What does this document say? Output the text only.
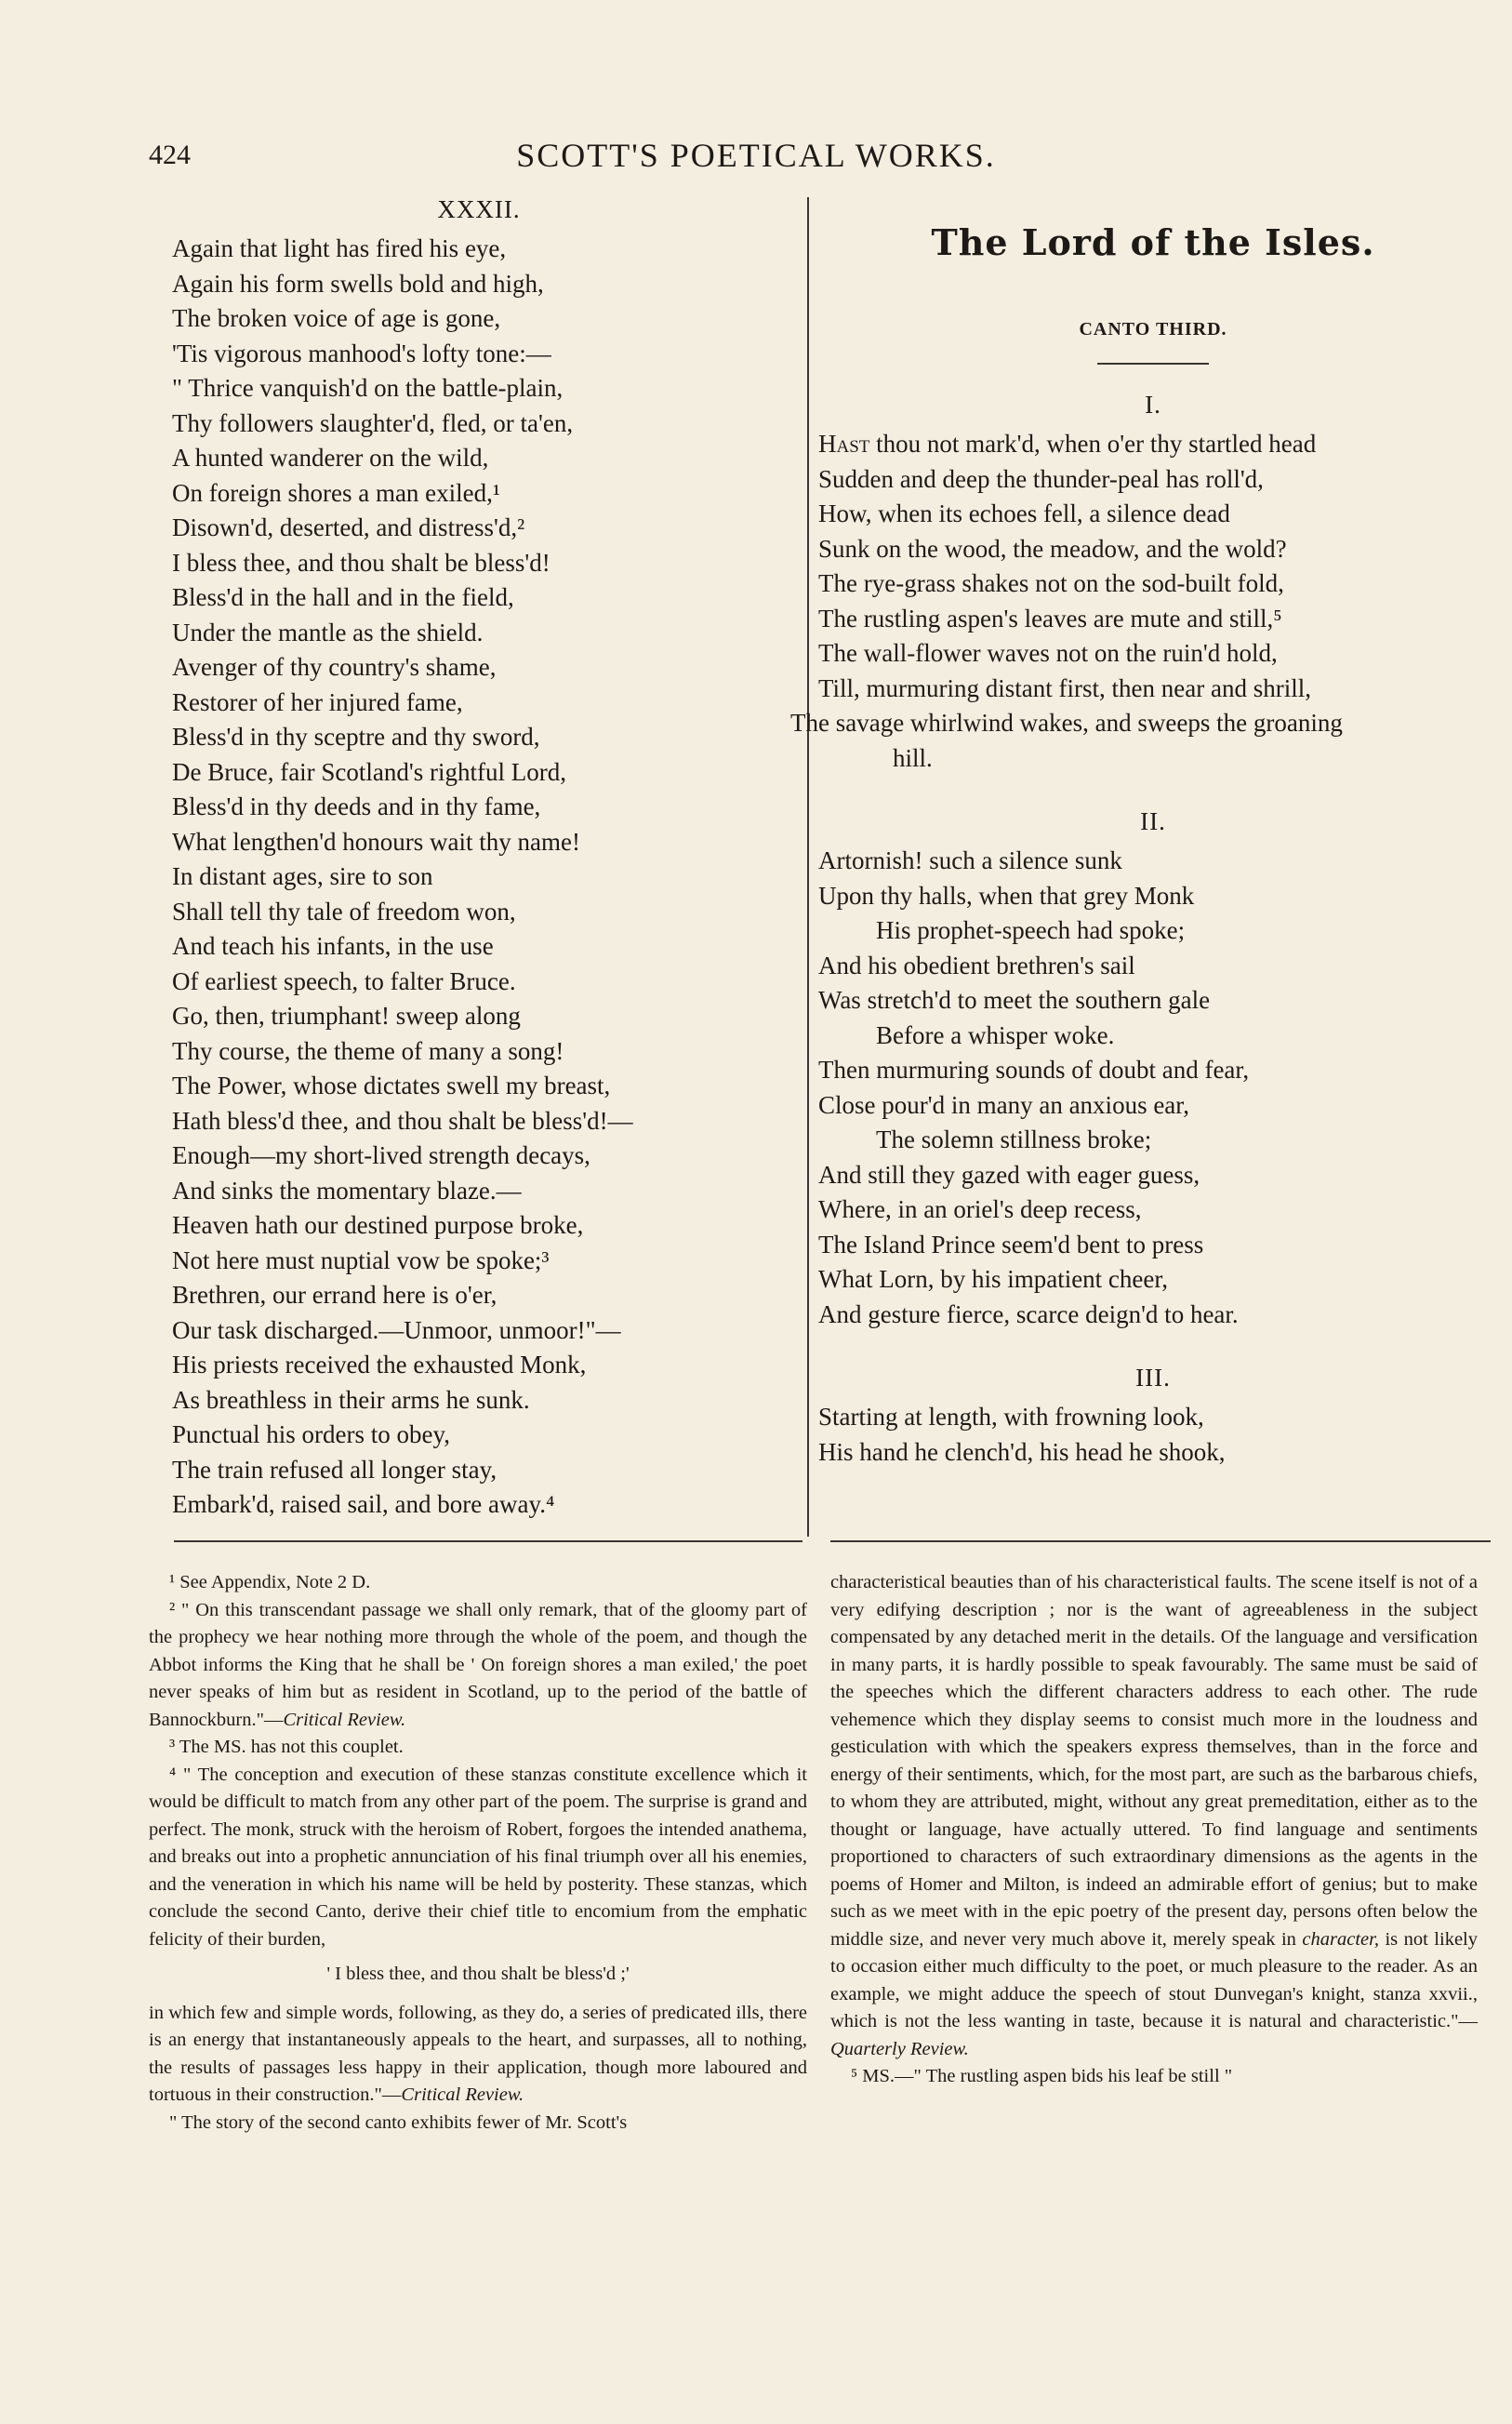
424	SCOTT'S POETICAL WORKS.
XXXII.
Again that light has fired his eye,
Again his form swells bold and high,
The broken voice of age is gone,
'Tis vigorous manhood's lofty tone:—
" Thrice vanquish'd on the battle-plain,
Thy followers slaughter'd, fled, or ta'en,
A hunted wanderer on the wild,
On foreign shores a man exiled,¹
Disown'd, deserted, and distress'd,²
I bless thee, and thou shalt be bless'd!
Bless'd in the hall and in the field,
Under the mantle as the shield.
Avenger of thy country's shame,
Restorer of her injured fame,
Bless'd in thy sceptre and thy sword,
De Bruce, fair Scotland's rightful Lord,
Bless'd in thy deeds and in thy fame,
What lengthen'd honours wait thy name!
In distant ages, sire to son
Shall tell thy tale of freedom won,
And teach his infants, in the use
Of earliest speech, to falter Bruce.
Go, then, triumphant! sweep along
Thy course, the theme of many a song!
The Power, whose dictates swell my breast,
Hath bless'd thee, and thou shalt be bless'd!—
Enough—my short-lived strength decays,
And sinks the momentary blaze.—
Heaven hath our destined purpose broke,
Not here must nuptial vow be spoke;³
Brethren, our errand here is o'er,
Our task discharged.—Unmoor, unmoor!"—
His priests received the exhausted Monk,
As breathless in their arms he sunk.
Punctual his orders to obey,
The train refused all longer stay,
Embark'd, raised sail, and bore away.⁴
The Lord of the Isles.
CANTO THIRD.
I.
Hast thou not mark'd, when o'er thy startled head
Sudden and deep the thunder-peal has roll'd,
How, when its echoes fell, a silence dead
Sunk on the wood, the meadow, and the wold?
The rye-grass shakes not on the sod-built fold,
The rustling aspen's leaves are mute and still,⁵
The wall-flower waves not on the ruin'd hold,
Till, murmuring distant first, then near and shrill,
The savage whirlwind wakes, and sweeps the groaning
hill.
II.
Artornish! such a silence sunk
Upon thy halls, when that grey Monk
His prophet-speech had spoke;
And his obedient brethren's sail
Was stretch'd to meet the southern gale
Before a whisper woke.
Then murmuring sounds of doubt and fear,
Close pour'd in many an anxious ear,
The solemn stillness broke;
And still they gazed with eager guess,
Where, in an oriel's deep recess,
The Island Prince seem'd bent to press
What Lorn, by his impatient cheer,
And gesture fierce, scarce deign'd to hear.
III.
Starting at length, with frowning look,
His hand he clench'd, his head he shook,

¹ See Appendix, Note 2 D.

² " On this transcendant passage we shall only remark, that of the gloomy part of the prophecy we hear nothing more through the whole of the poem, and though the Abbot informs the King that he shall be ' On foreign shores a man exiled,' the poet never speaks of him but as resident in Scotland, up to the period of the battle of Bannockburn."—Critical Review.

³ The MS. has not this couplet.

⁴ " The conception and execution of these stanzas constitute excellence which it would be difficult to match from any other part of the poem. The surprise is grand and perfect. The monk, struck with the heroism of Robert, forgoes the intended anathema, and breaks out into a prophetic annunciation of his final triumph over all his enemies, and the veneration in which his name will be held by posterity. These stanzas, which conclude the second Canto, derive their chief title to encomium from the emphatic felicity of their burden,

' I bless thee, and thou shalt be bless'd ;'

in which few and simple words, following, as they do, a series of predicated ills, there is an energy that instantaneously appeals to the heart, and surpasses, all to nothing, the results of passages less happy in their application, though more laboured and tortuous in their construction."—Critical Review.

" The story of the second canto exhibits fewer of Mr. Scott's

characteristical beauties than of his characteristical faults. The scene itself is not of a very edifying description ; nor is the want of agreeableness in the subject compensated by any detached merit in the details. Of the language and versification in many parts, it is hardly possible to speak favourably. The same must be said of the speeches which the different characters address to each other. The rude vehemence which they display seems to consist much more in the loudness and gesticulation with which the speakers express themselves, than in the force and energy of their sentiments, which, for the most part, are such as the barbarous chiefs, to whom they are attributed, might, without any great premeditation, either as to the thought or language, have actually uttered. To find language and sentiments proportioned to characters of such extraordinary dimensions as the agents in the poems of Homer and Milton, is indeed an admirable effort of genius; but to make such as we meet with in the epic poetry of the present day, persons often below the middle size, and never very much above it, merely speak in character, is not likely to occasion either much difficulty to the poet, or much pleasure to the reader. As an example, we might adduce the speech of stout Dunvegan's knight, stanza xxvii., which is not the less wanting in taste, because it is natural and characteristic."—Quarterly Review.

⁵ MS.—" The rustling aspen bids his leaf be still "
